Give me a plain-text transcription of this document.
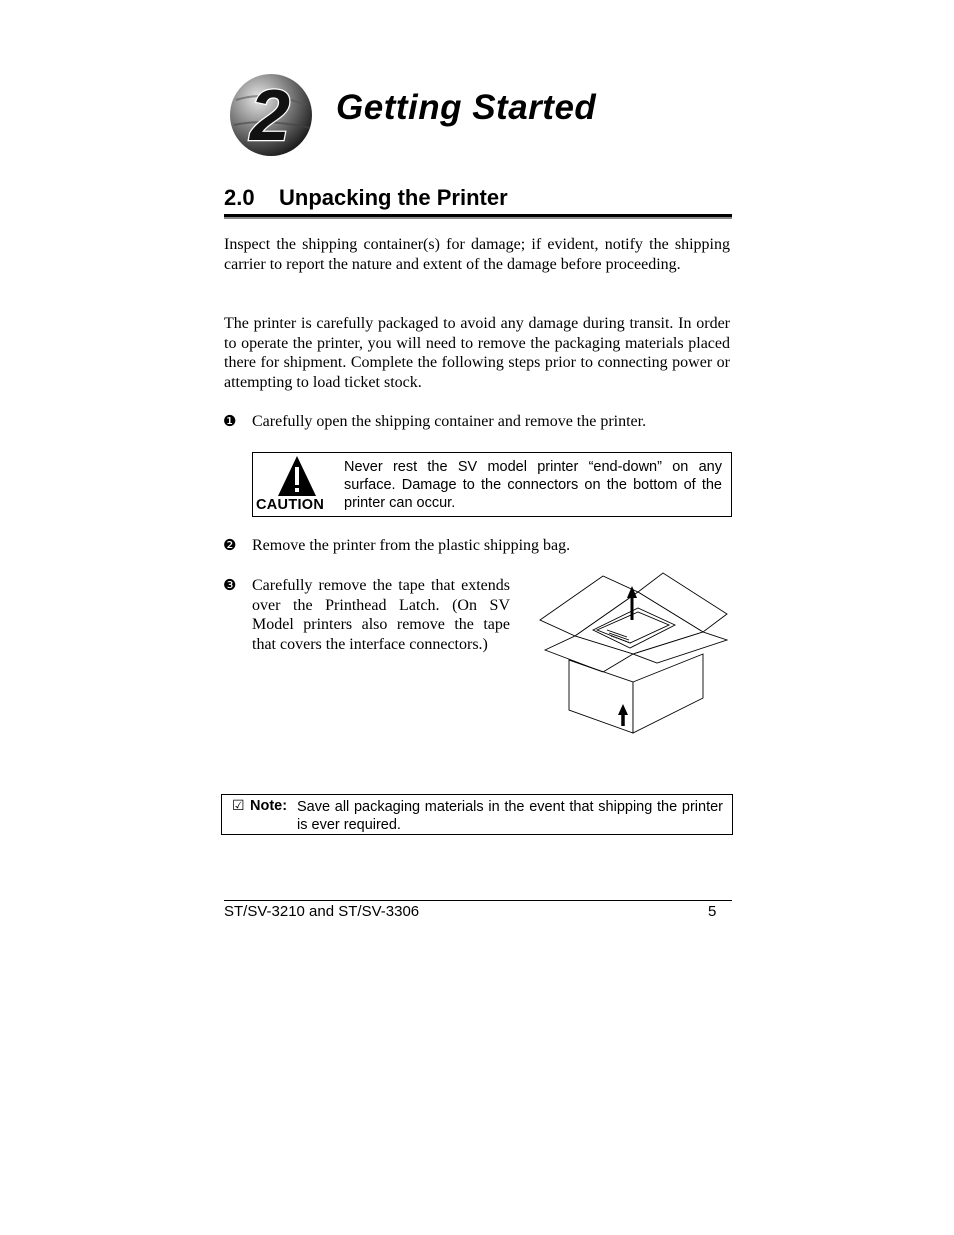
2 Getting Started
2.0    Unpacking the Printer

Inspect the shipping container(s) for damage; if evident, notify the shipping carrier to report the nature and extent of the damage before proceeding.

The printer is carefully packaged to avoid any damage during transit. In order to operate the printer, you will need to remove the packaging materials placed there for shipment. Complete the following steps prior to connecting power or attempting to load ticket stock.

❶ Carefully open the shipping container and remove the printer.

CAUTION

Never rest the SV model printer “end-down” on any surface. Damage to the connectors on the bottom of the printer can occur.

❷ Remove the printer from the plastic shipping bag.

❸ Carefully remove the tape that extends over the Printhead Latch. (On SV Model printers also remove the tape that covers the interface connectors.)

☑ Note: Save all packaging materials in the event that shipping the printer is ever required.

ST/SV-3210 and ST/SV-3306	5
